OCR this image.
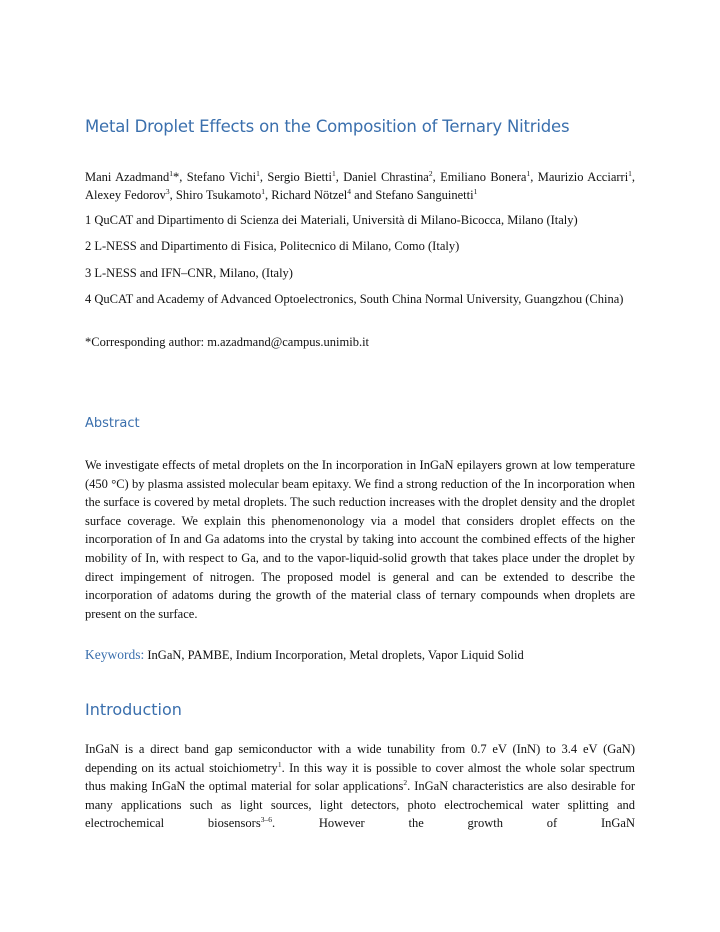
Metal Droplet Effects on the Composition of Ternary Nitrides
Mani Azadmand$^1$*, Stefano Vichi$^1$, Sergio Bietti$^1$, Daniel Chrastina$^2$, Emiliano Bonera$^1$, Maurizio Acciarri$^1$, Alexey Fedorov$^3$, Shiro Tsukamoto$^1$, Richard Nötzel$^4$ and Stefano Sanguinetti$^1$
1 QuCAT and Dipartimento di Scienza dei Materiali, Università di Milano-Bicocca, Milano (Italy)
2 L-NESS and Dipartimento di Fisica, Politecnico di Milano, Como (Italy)
3 L-NESS and IFN–CNR, Milano, (Italy)
4 QuCAT and Academy of Advanced Optoelectronics, South China Normal University, Guangzhou (China)
*Corresponding author: m.azadmand@campus.unimib.it
Abstract
We investigate effects of metal droplets on the In incorporation in InGaN epilayers grown at low temperature (450 °C) by plasma assisted molecular beam epitaxy. We find a strong reduction of the In incorporation when the surface is covered by metal droplets. The such reduction increases with the droplet density and the droplet surface coverage. We explain this phenomenonology via a model that considers droplet effects on the incorporation of In and Ga adatoms into the crystal by taking into account the combined effects of the higher mobility of In, with respect to Ga, and to the vapor-liquid-solid growth that takes place under the droplet by direct impingement of nitrogen. The proposed model is general and can be extended to describe the incorporation of adatoms during the growth of the material class of ternary compounds when droplets are present on the surface.
Keywords: InGaN, PAMBE, Indium Incorporation, Metal droplets, Vapor Liquid Solid
Introduction
InGaN is a direct band gap semiconductor with a wide tunability from 0.7 eV (InN) to 3.4 eV (GaN) depending on its actual stoichiometry$^1$. In this way it is possible to cover almost the whole solar spectrum thus making InGaN the optimal material for solar applications$^2$. InGaN characteristics are also desirable for many applications such as light sources, light detectors, photo electrochemical water splitting and electrochemical biosensors$^{3-6}$. However the growth of InGaN
